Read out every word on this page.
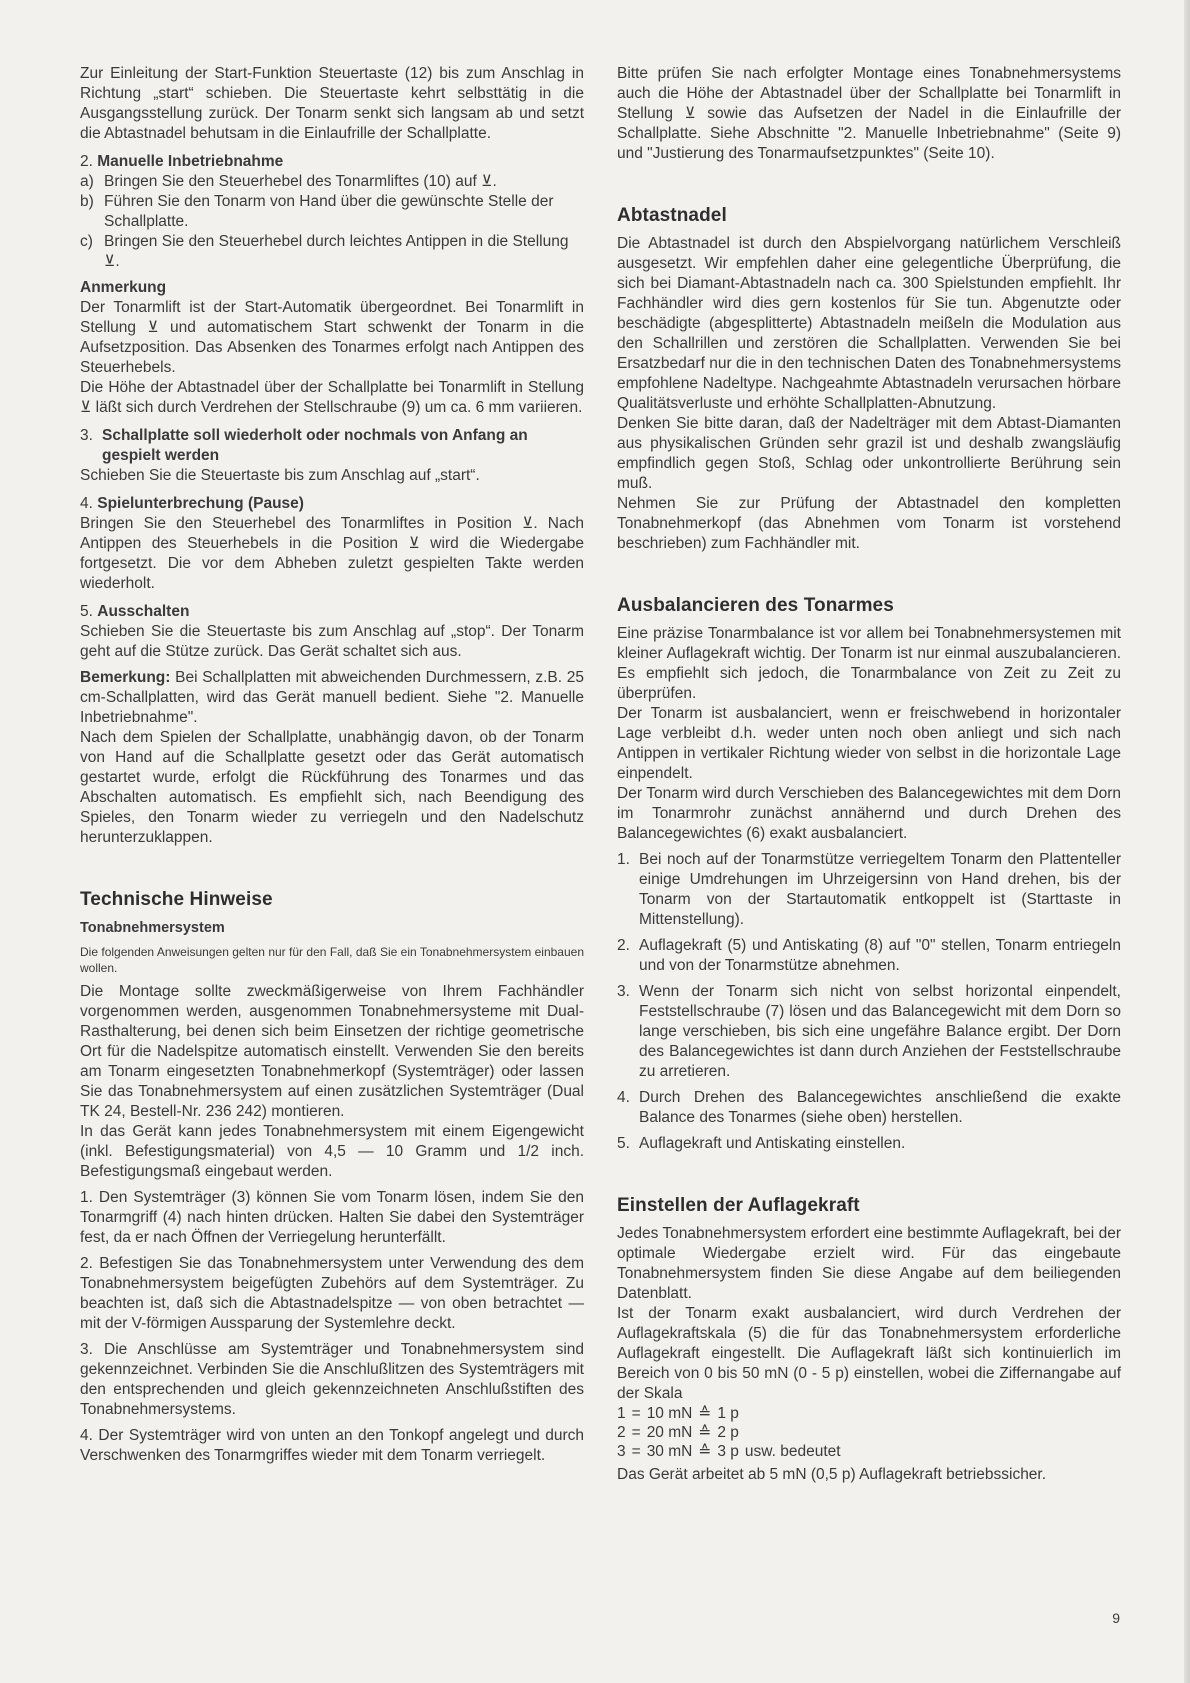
Zur Einleitung der Start-Funktion Steuertaste (12) bis zum Anschlag in Richtung „start“ schieben. Die Steuertaste kehrt selbsttätig in die Ausgangsstellung zurück. Der Tonarm senkt sich langsam ab und setzt die Abtastnadel behutsam in die Einlaufrille der Schallplatte.

2. Manuelle Inbetriebnahme
a) Bringen Sie den Steuerhebel des Tonarmliftes (10) auf ⊻.
b) Führen Sie den Tonarm von Hand über die gewünschte Stelle der Schallplatte.
c) Bringen Sie den Steuerhebel durch leichtes Antippen in die Stellung ⊻.
Anmerkung

Der Tonarmlift ist der Start-Automatik übergeordnet. Bei Tonarmlift in Stellung ⊻ und automatischem Start schwenkt der Tonarm in die Aufsetzposition. Das Absenken des Tonarmes erfolgt nach Antippen des Steuerhebels.

Die Höhe der Abtastnadel über der Schallplatte bei Tonarmlift in Stellung ⊻ läßt sich durch Verdrehen der Stellschraube (9) um ca. 6 mm variieren.

3. Schallplatte soll wiederholt oder nochmals von Anfang an gespielt werden

Schieben Sie die Steuertaste bis zum Anschlag auf „start“.

4. Spielunterbrechung (Pause)

Bringen Sie den Steuerhebel des Tonarmliftes in Position ⊻. Nach Antippen des Steuerhebels in die Position ⊻ wird die Wiedergabe fortgesetzt. Die vor dem Abheben zuletzt gespielten Takte werden wiederholt.

5. Ausschalten

Schieben Sie die Steuertaste bis zum Anschlag auf „stop“. Der Tonarm geht auf die Stütze zurück. Das Gerät schaltet sich aus.

Bemerkung: Bei Schallplatten mit abweichenden Durchmessern, z.B. 25 cm-Schallplatten, wird das Gerät manuell bedient. Siehe "2. Manuelle Inbetriebnahme".

Nach dem Spielen der Schallplatte, unabhängig davon, ob der Tonarm von Hand auf die Schallplatte gesetzt oder das Gerät automatisch gestartet wurde, erfolgt die Rückführung des Tonarmes und das Abschalten automatisch. Es empfiehlt sich, nach Beendigung des Spieles, den Tonarm wieder zu verriegeln und den Nadelschutz herunterzuklappen.

Technische Hinweise
Tonabnehmersystem

Die folgenden Anweisungen gelten nur für den Fall, daß Sie ein Tonabnehmersystem einbauen wollen.

Die Montage sollte zweckmäßigerweise von Ihrem Fachhändler vorgenommen werden, ausgenommen Tonabnehmersysteme mit Dual-Rasthalterung, bei denen sich beim Einsetzen der richtige geometrische Ort für die Nadelspitze automatisch einstellt. Verwenden Sie den bereits am Tonarm eingesetzten Tonabnehmerkopf (Systemträger) oder lassen Sie das Tonabnehmersystem auf einen zusätzlichen Systemträger (Dual TK 24, Bestell-Nr. 236 242) montieren.

In das Gerät kann jedes Tonabnehmersystem mit einem Eigengewicht (inkl. Befestigungsmaterial) von 4,5 — 10 Gramm und 1/2 inch. Befestigungsmaß eingebaut werden.

1. Den Systemträger (3) können Sie vom Tonarm lösen, indem Sie den Tonarmgriff (4) nach hinten drücken. Halten Sie dabei den Systemträger fest, da er nach Öffnen der Verriegelung herunterfällt.

2. Befestigen Sie das Tonabnehmersystem unter Verwendung des dem Tonabnehmersystem beigefügten Zubehörs auf dem Systemträger. Zu beachten ist, daß sich die Abtastnadelspitze — von oben betrachtet — mit der V-förmigen Aussparung der Systemlehre deckt.

3. Die Anschlüsse am Systemträger und Tonabnehmersystem sind gekennzeichnet. Verbinden Sie die Anschlußlitzen des Systemträgers mit den entsprechenden und gleich gekennzeichneten Anschlußstiften des Tonabnehmersystems.

4. Der Systemträger wird von unten an den Tonkopf angelegt und durch Verschwenken des Tonarmgriffes wieder mit dem Tonarm verriegelt.

Bitte prüfen Sie nach erfolgter Montage eines Tonabnehmersystems auch die Höhe der Abtastnadel über der Schallplatte bei Tonarmlift in Stellung ⊻ sowie das Aufsetzen der Nadel in die Einlaufrille der Schallplatte. Siehe Abschnitte "2. Manuelle Inbetriebnahme" (Seite 9) und "Justierung des Tonarmaufsetzpunktes" (Seite 10).

Abtastnadel

Die Abtastnadel ist durch den Abspielvorgang natürlichem Verschleiß ausgesetzt. Wir empfehlen daher eine gelegentliche Überprüfung, die sich bei Diamant-Abtastnadeln nach ca. 300 Spielstunden empfiehlt. Ihr Fachhändler wird dies gern kostenlos für Sie tun. Abgenutzte oder beschädigte (abgesplitterte) Abtastnadeln meißeln die Modulation aus den Schallrillen und zerstören die Schallplatten. Verwenden Sie bei Ersatzbedarf nur die in den technischen Daten des Tonabnehmersystems empfohlene Nadeltype. Nachgeahmte Abtastnadeln verursachen hörbare Qualitätsverluste und erhöhte Schallplatten-Abnutzung.

Denken Sie bitte daran, daß der Nadelträger mit dem Abtast-Diamanten aus physikalischen Gründen sehr grazil ist und deshalb zwangsläufig empfindlich gegen Stoß, Schlag oder unkontrollierte Berührung sein muß.

Nehmen Sie zur Prüfung der Abtastnadel den kompletten Tonabnehmerkopf (das Abnehmen vom Tonarm ist vorstehend beschrieben) zum Fachhändler mit.

Ausbalancieren des Tonarmes

Eine präzise Tonarmbalance ist vor allem bei Tonabnehmersystemen mit kleiner Auflagekraft wichtig. Der Tonarm ist nur einmal auszubalancieren. Es empfiehlt sich jedoch, die Tonarmbalance von Zeit zu Zeit zu überprüfen.

Der Tonarm ist ausbalanciert, wenn er freischwebend in horizontaler Lage verbleibt d.h. weder unten noch oben anliegt und sich nach Antippen in vertikaler Richtung wieder von selbst in die horizontale Lage einpendelt.

Der Tonarm wird durch Verschieben des Balancegewichtes mit dem Dorn im Tonarmrohr zunächst annähernd und durch Drehen des Balancegewichtes (6) exakt ausbalanciert.

1. Bei noch auf der Tonarmstütze verriegeltem Tonarm den Plattenteller einige Umdrehungen im Uhrzeigersinn von Hand drehen, bis der Tonarm von der Startautomatik entkoppelt ist (Starttaste in Mittenstellung).
2. Auflagekraft (5) und Antiskating (8) auf "0" stellen, Tonarm entriegeln und von der Tonarmstütze abnehmen.
3. Wenn der Tonarm sich nicht von selbst horizontal einpendelt, Feststellschraube (7) lösen und das Balancegewicht mit dem Dorn so lange verschieben, bis sich eine ungefähre Balance ergibt. Der Dorn des Balancegewichtes ist dann durch Anziehen der Feststellschraube zu arretieren.
4. Durch Drehen des Balancegewichtes anschließend die exakte Balance des Tonarmes (siehe oben) herstellen.
5. Auflagekraft und Antiskating einstellen.
Einstellen der Auflagekraft

Jedes Tonabnehmersystem erfordert eine bestimmte Auflagekraft, bei der optimale Wiedergabe erzielt wird. Für das eingebaute Tonabnehmersystem finden Sie diese Angabe auf dem beiliegenden Datenblatt.

Ist der Tonarm exakt ausbalanciert, wird durch Verdrehen der Auflagekraftskala (5) die für das Tonabnehmersystem erforderliche Auflagekraft eingestellt. Die Auflagekraft läßt sich kontinuierlich im Bereich von 0 bis 50 mN (0 - 5 p) einstellen, wobei die Ziffernangabe auf der Skala

1	=	10 mN	≙	1 p	
2	=	20 mN	≙	2 p	
3	=	30 mN	≙	3 p	usw. bedeutet

Das Gerät arbeitet ab 5 mN (0,5 p) Auflagekraft betriebssicher.

9
